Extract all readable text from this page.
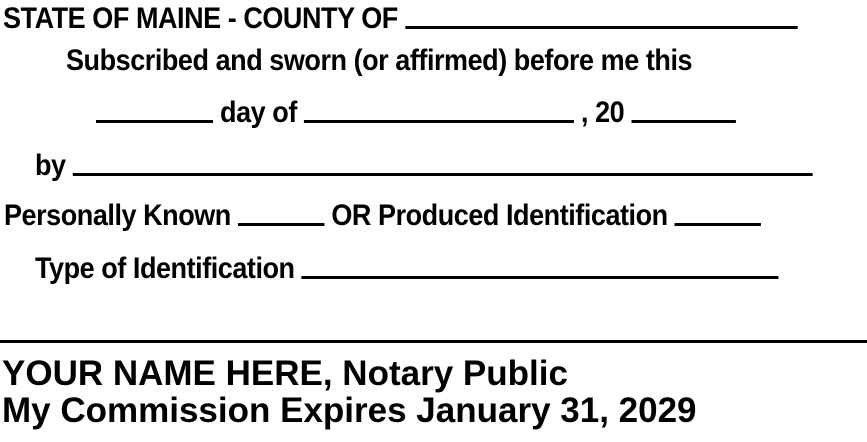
STATE OF MAINE - COUNTY OF
Subscribed and sworn (or affirmed) before me this
day of	, 20
by
Personally Known	OR Produced Identification
Type of Identification
YOUR NAME HERE, Notary Public
My Commission Expires January 31, 2029
